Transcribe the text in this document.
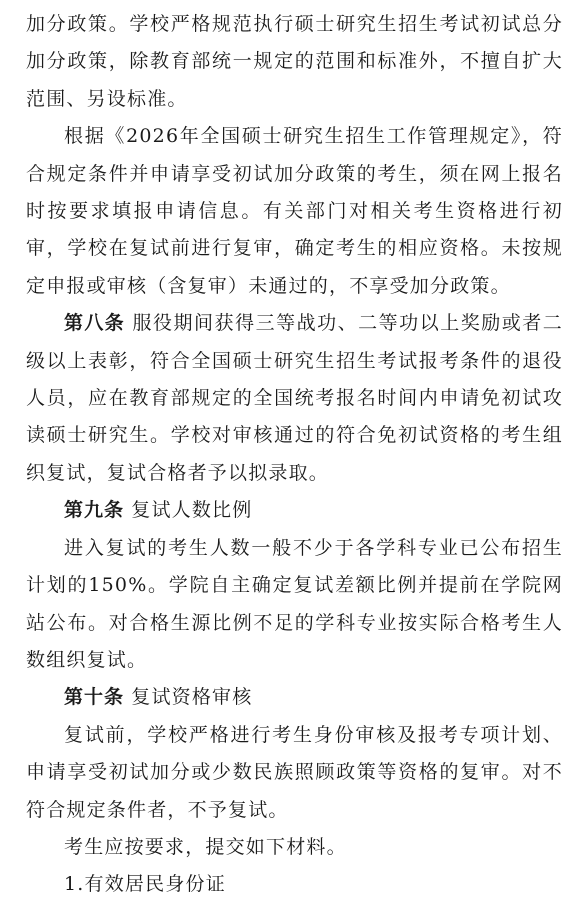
加分政策。学校严格规范执行硕士研究生招生考试初试总分加分政策，除教育部统一规定的范围和标准外，不擅自扩大范围、另设标准。

根据《2026年全国硕士研究生招生工作管理规定》，符合规定条件并申请享受初试加分政策的考生，须在网上报名时按要求填报申请信息。有关部门对相关考生资格进行初审，学校在复试前进行复审，确定考生的相应资格。未按规定申报或审核（含复审）未通过的，不享受加分政策。

第八条 服役期间获得三等战功、二等功以上奖励或者二级以上表彰，符合全国硕士研究生招生考试报考条件的退役人员，应在教育部规定的全国统考报名时间内申请免初试攻读硕士研究生。学校对审核通过的符合免初试资格的考生组织复试，复试合格者予以拟录取。

第九条 复试人数比例

进入复试的考生人数一般不少于各学科专业已公布招生计划的150%。学院自主确定复试差额比例并提前在学院网站公布。对合格生源比例不足的学科专业按实际合格考生人数组织复试。

第十条 复试资格审核

复试前，学校严格进行考生身份审核及报考专项计划、申请享受初试加分或少数民族照顾政策等资格的复审。对不符合规定条件者，不予复试。

考生应按要求，提交如下材料。

1.有效居民身份证
